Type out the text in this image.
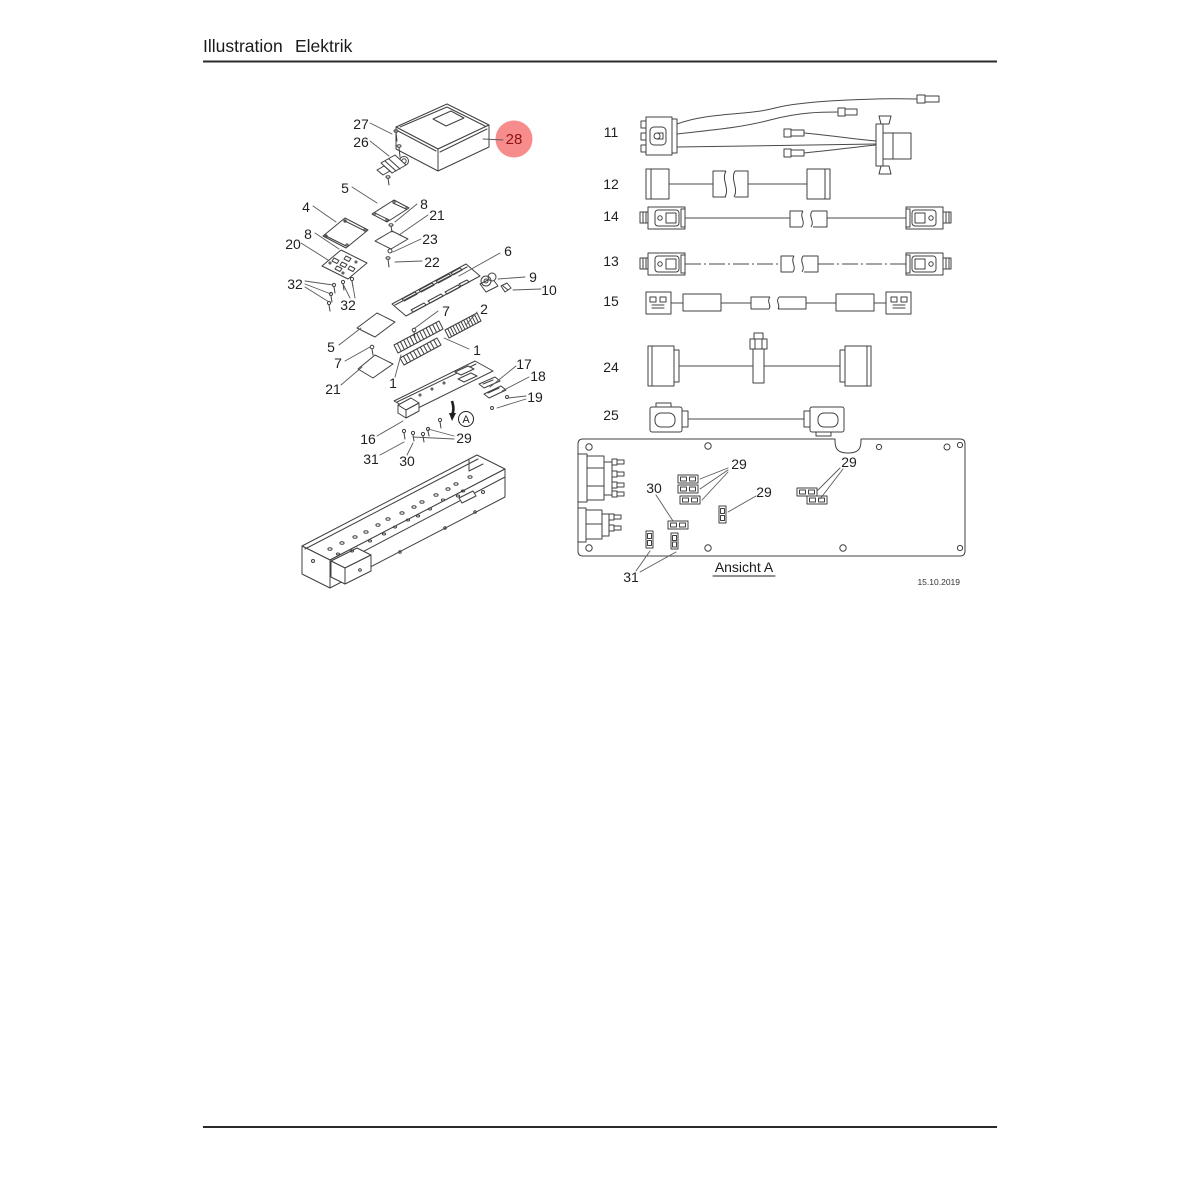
Illustration Elektrik
27
26
5
4	8
21
8	23
20
22
6
9
10
32
32	7 2
5	1
7
21	1
17
18
19
16	29
31 30
A
28	11
12
14
13
15
24
25
29	29
30	29
31
Ansicht A
15.10.2019
